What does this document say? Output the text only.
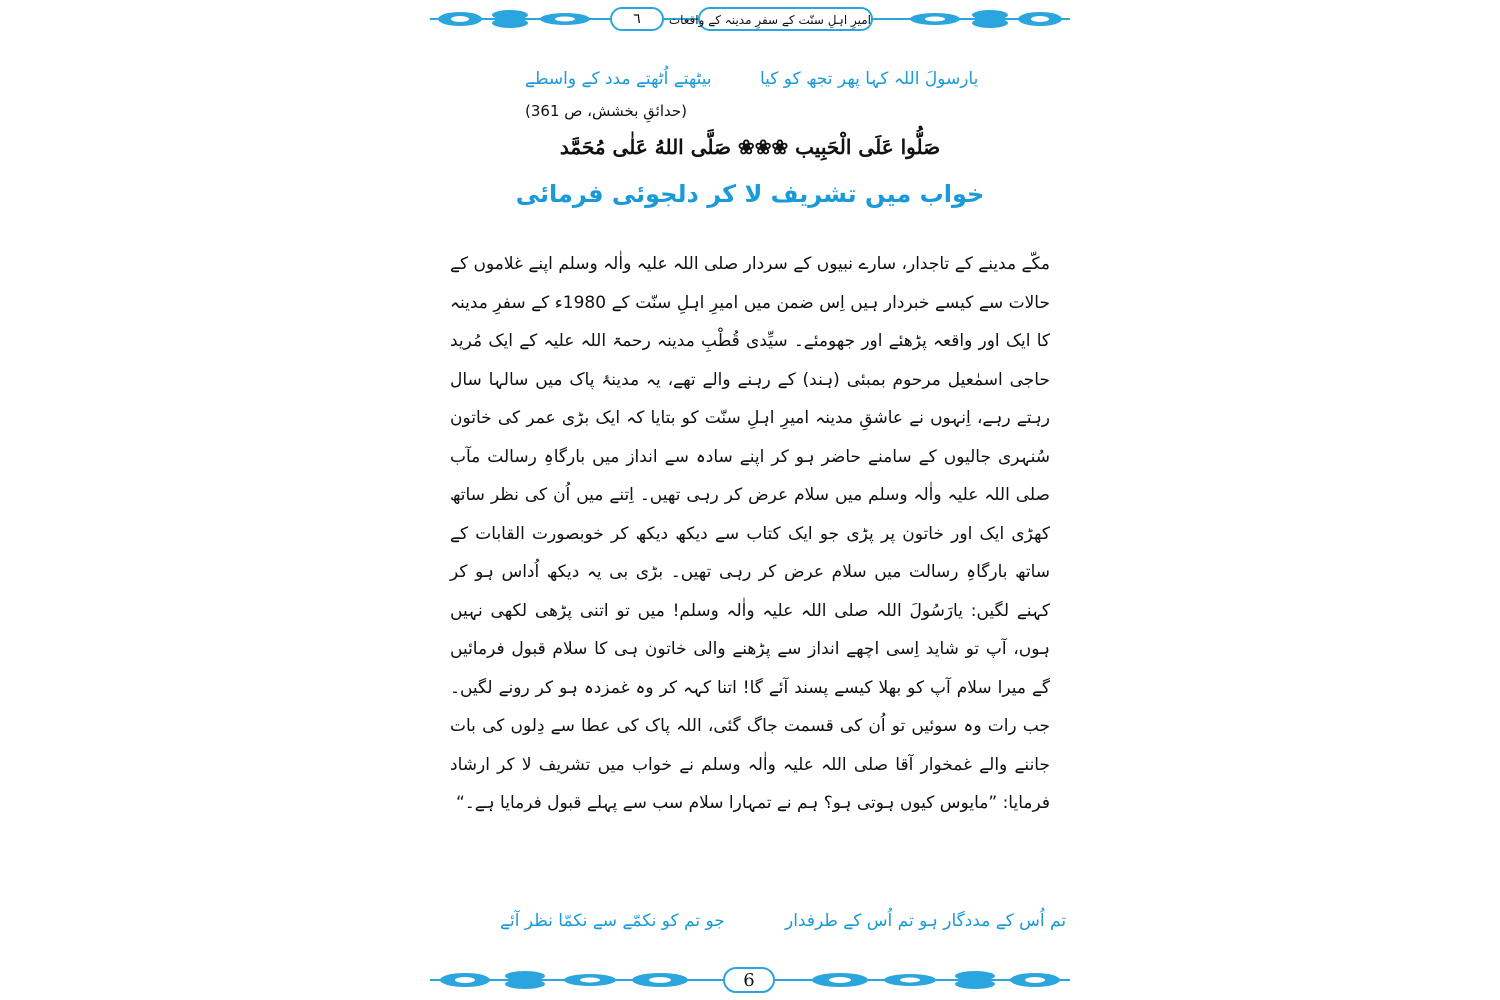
٦	امیرِ اہلِ سنّت کے سفرِ مدینہ کے واقعات
یارسولَ اللہ کہا پھر تجھ کو کیا
بیٹھتے اُٹھتے مدد کے واسطے
(حدائقِ بخشش، ص 361)
صَلُّوا عَلَی الْحَبِیب ❀❀❀ صَلَّی اللهُ عَلٰی مُحَمَّد
خواب میں تشریف لا کر دلجوئی فرمائی

مکّے مدینے کے تاجدار، سارے نبیوں کے سردار صلی اللہ علیہ واٰلہ وسلم اپنے غلاموں کے حالات سے کیسے خبردار ہیں اِس ضمن میں امیرِ اہلِ سنّت کے 1980ء کے سفرِ مدینہ کا ایک اور واقعہ پڑھئے اور جھومئے۔ سیِّدی قُطْبِ مدینہ رحمۃ اللہ علیہ کے ایک مُرید حاجی اسمٰعیل مرحوم بمبئی (ہند) کے رہنے والے تھے، یہ مدینۂ پاک میں سالہا سال رہتے رہے، اِنہوں نے عاشقِ مدینہ امیرِ اہلِ سنّت کو بتایا کہ ایک بڑی عمر کی خاتون سُنہری جالیوں کے سامنے حاضر ہو کر اپنے سادہ سے انداز میں بارگاہِ رسالت مآب صلی اللہ علیہ واٰلہ وسلم میں سلام عرض کر رہی تھیں۔ اِتنے میں اُن کی نظر ساتھ کھڑی ایک اور خاتون پر پڑی جو ایک کتاب سے دیکھ دیکھ کر خوبصورت القابات کے ساتھ بارگاہِ رسالت میں سلام عرض کر رہی تھیں۔ بڑی بی یہ دیکھ اُداس ہو کر کہنے لگیں: یارَسُولَ اللہ صلی اللہ علیہ واٰلہ وسلم! میں تو اتنی پڑھی لکھی نہیں ہوں، آپ تو شاید اِسی اچھے انداز سے پڑھنے والی خاتون ہی کا سلام قبول فرمائیں گے میرا سلام آپ کو بھلا کیسے پسند آئے گا! اتنا کہہ کر وہ غمزدہ ہو کر رونے لگیں۔ جب رات وہ سوئیں تو اُن کی قسمت جاگ گئی، اللہ پاک کی عطا سے دِلوں کی بات جاننے والے غمخوار آقا صلی اللہ علیہ واٰلہ وسلم نے خواب میں تشریف لا کر ارشاد فرمایا: ”مایوس کیوں ہوتی ہو؟ ہم نے تمہارا سلام سب سے پہلے قبول فرمایا ہے۔“

تم اُس کے مددگار ہو تم اُس کے طرفدار
جو تم کو نکمّے سے نکمّا نظر آئے
6
